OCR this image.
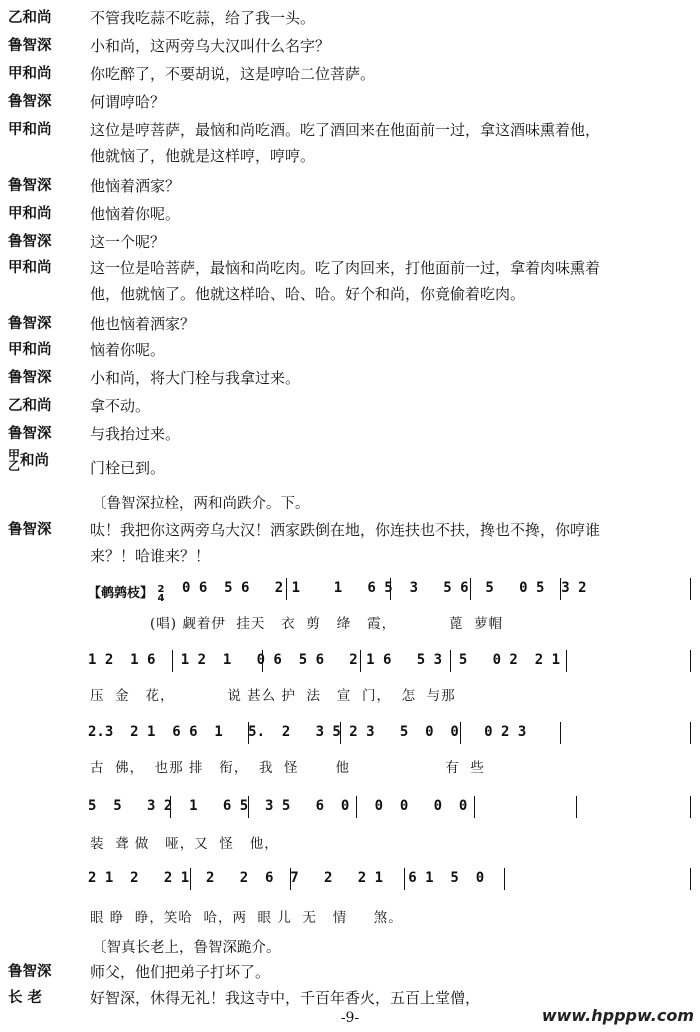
乙和尚	不管我吃蒜不吃蒜，给了我一头。
鲁智深	小和尚，这两旁乌大汉叫什么名字？
甲和尚	你吃醉了，不要胡说，这是哼哈二位菩萨。
鲁智深	何谓哼哈？
甲和尚	这位是哼菩萨，最恼和尚吃酒。吃了酒回来在他面前一过，拿这酒味熏着他，
他就恼了，他就是这样哼，哼哼。
鲁智深	他恼着洒家？
甲和尚	他恼着你呢。
鲁智深	这一个呢？
甲和尚	这一位是哈菩萨，最恼和尚吃肉。吃了肉回来，打他面前一过，拿着肉味熏着
他，他就恼了。他就这样哈、哈、哈。好个和尚，你竟偷着吃肉。
鲁智深	他也恼着洒家？
甲和尚	恼着你呢。
鲁智深	小和尚，将大门栓与我拿过来。
乙和尚	拿不动。
鲁智深	与我抬过来。
甲
乙和尚	门栓已到。
〔鲁智深拉栓，两和尚跌介。下。
鲁智深	呔！我把你这两旁乌大汉！洒家跌倒在地，你连扶也不扶，搀也不搀，你哼谁
来？！哈谁来？！
【鹌鹑枝】 2
4
0 6  5 6   2 1    1   6 5  3   5 6  5   0 5  3 2
(唱) 觑着伊  挂天   衣  剪   绛   霞，          蓖  萝帽
1 2  1 6   1 2  1   0 6  5 6   2 1 6   5 3  5   0 2  2 1
压  金   花，          说 甚么 护  法   宣  门，  怎  与那
2.3  2 1  6 6  1   5.  2   3 5 2 3   5  0  0   0 2 3
古  佛，  也那 排   衔，  我  怪       他                  有  些
5  5   3 2  1   6 5  3 5   6  0   0  0   0  0
装  聋 做   哑，又  怪   他，
2 1  2   2 1  2   2  6  7   2   2 1   6 1  5  0
眼 睁  睁，笑哈  哈，两  眼 儿  无   情     煞。
〔智真长老上，鲁智深跪介。
鲁智深	师父，他们把弟子打坏了。
长 老	好智深，休得无礼！我这寺中，千百年香火，五百上堂僧，
-9-	www.hpppw.com
